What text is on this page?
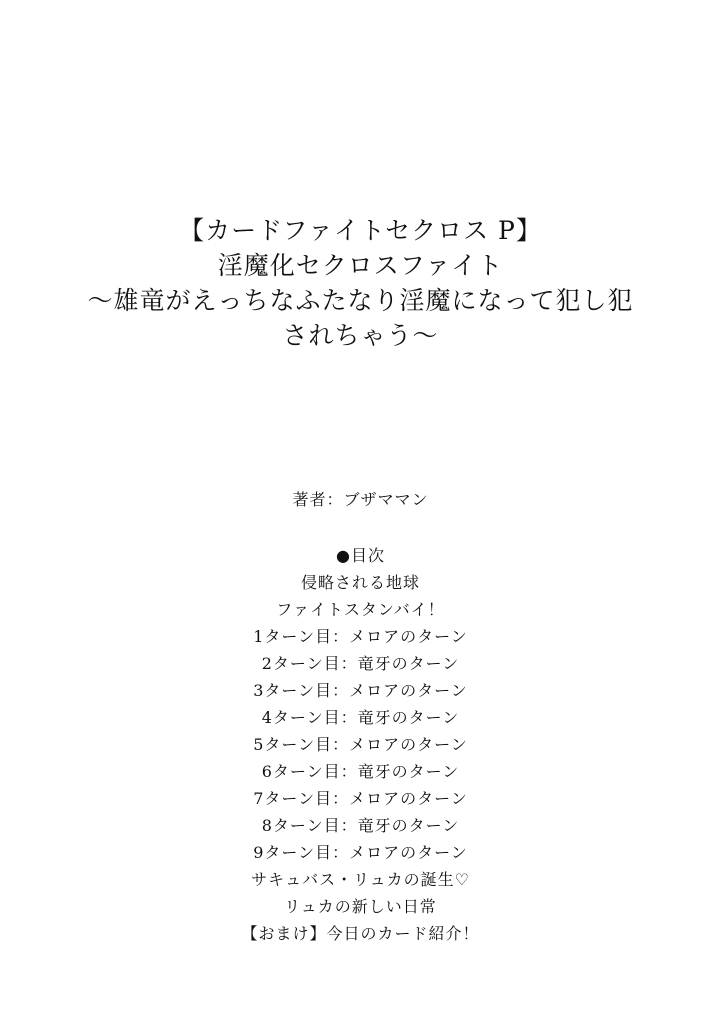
【カードファイトセクロス P】
淫魔化セクロスファイト
～雄竜がえっちなふたなり淫魔になって犯し犯
されちゃう～
著者：ブザママン
●目次
侵略される地球
ファイトスタンバイ！
1ターン目：メロアのターン
2ターン目：竜牙のターン
3ターン目：メロアのターン
4ターン目：竜牙のターン
5ターン目：メロアのターン
6ターン目：竜牙のターン
7ターン目：メロアのターン
8ターン目：竜牙のターン
9ターン目：メロアのターン
サキュバス・リュカの誕生♡
リュカの新しい日常
【おまけ】今日のカード紹介！
